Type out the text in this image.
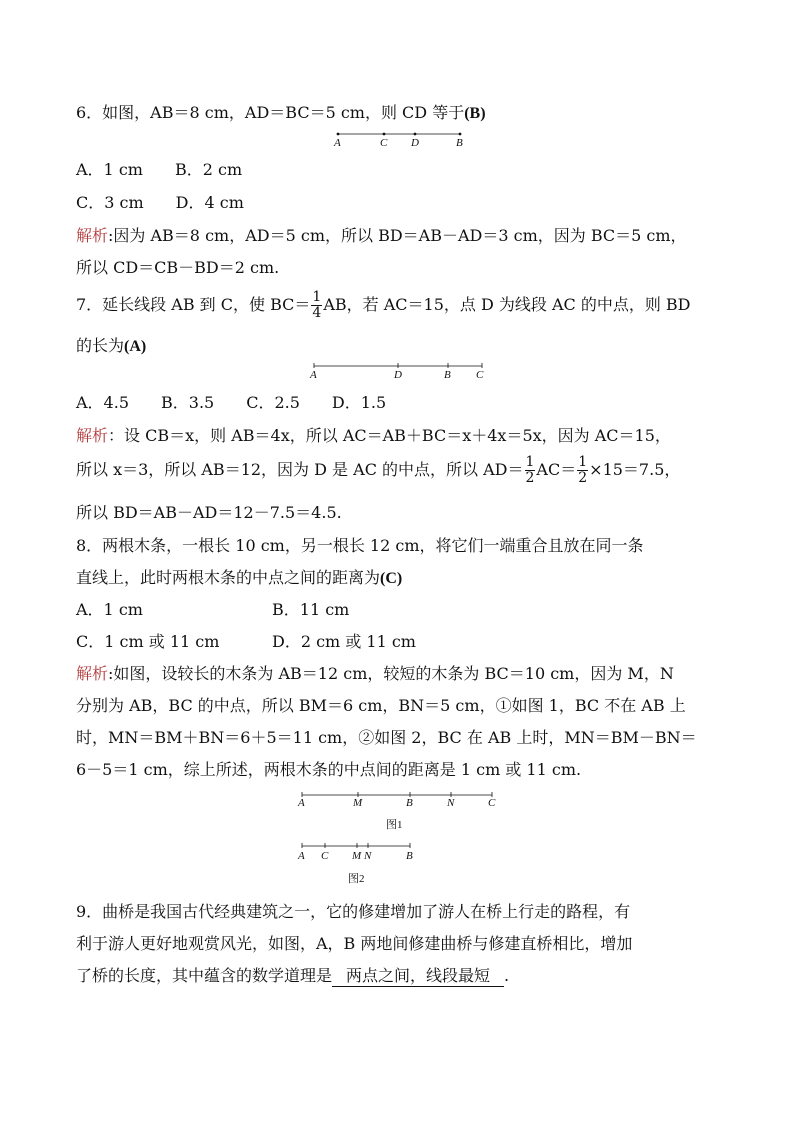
6．如图，AB＝8 cm，AD＝BC＝5 cm，则 CD 等于(B)
A	C D	B
A．1 cm　　B．2 cm
C．3 cm　　D．4 cm
解析:因为 AB＝8 cm，AD＝5 cm，所以 BD＝AB－AD＝3 cm，因为 BC＝5 cm，
所以 CD＝CB－BD＝2 cm.
7．延长线段 AB 到 C，使 $BC= \frac{1}{4}$ AB，若 AC＝15，点 D 为线段 AC 的中点，则 BD
的长为(A)
A	D	B C
A．4.5　　B．3.5　　C．2.5　　D．1.5
解析：设 CB＝x，则 AB＝4x，所以 AC＝AB＋BC＝x＋4x＝5x，因为 AC＝15，
所以 x＝3，所以 AB＝12，因为 D 是 AC 的中点，所以 $AD= \frac{1}{2} AC= \frac{1}{2} \times 15=7.5$，
所以 BD＝AB－AD＝12－7.5＝4.5.
8．两根木条，一根长 10 cm，另一根长 12 cm，将它们一端重合且放在同一条
直线上，此时两根木条的中点之间的距离为(C)
A．1 cm	B．11 cm
C．1 cm 或 11 cm	D．2 cm 或 11 cm
解析:如图，设较长的木条为 AB＝12 cm，较短的木条为 BC＝10 cm，因为 M，N
分别为 AB，BC 的中点，所以 BM＝6 cm，BN＝5 cm，①如图 1，BC 不在 AB 上
时，MN＝BM＋BN＝6＋5＝11 cm，②如图 2，BC 在 AB 上时，MN＝BM－BN＝
6－5＝1 cm，综上所述，两根木条的中点间的距离是 1 cm 或 11 cm.
A	M	B	N	C
图1
A C M N	B
图2
9．曲桥是我国古代经典建筑之一，它的修建增加了游人在桥上行走的路程，有
利于游人更好地观赏风光，如图，A，B 两地间修建曲桥与修建直桥相比，增加
了桥的长度，其中蕴含的数学道理是 两点之间，线段最短 .
